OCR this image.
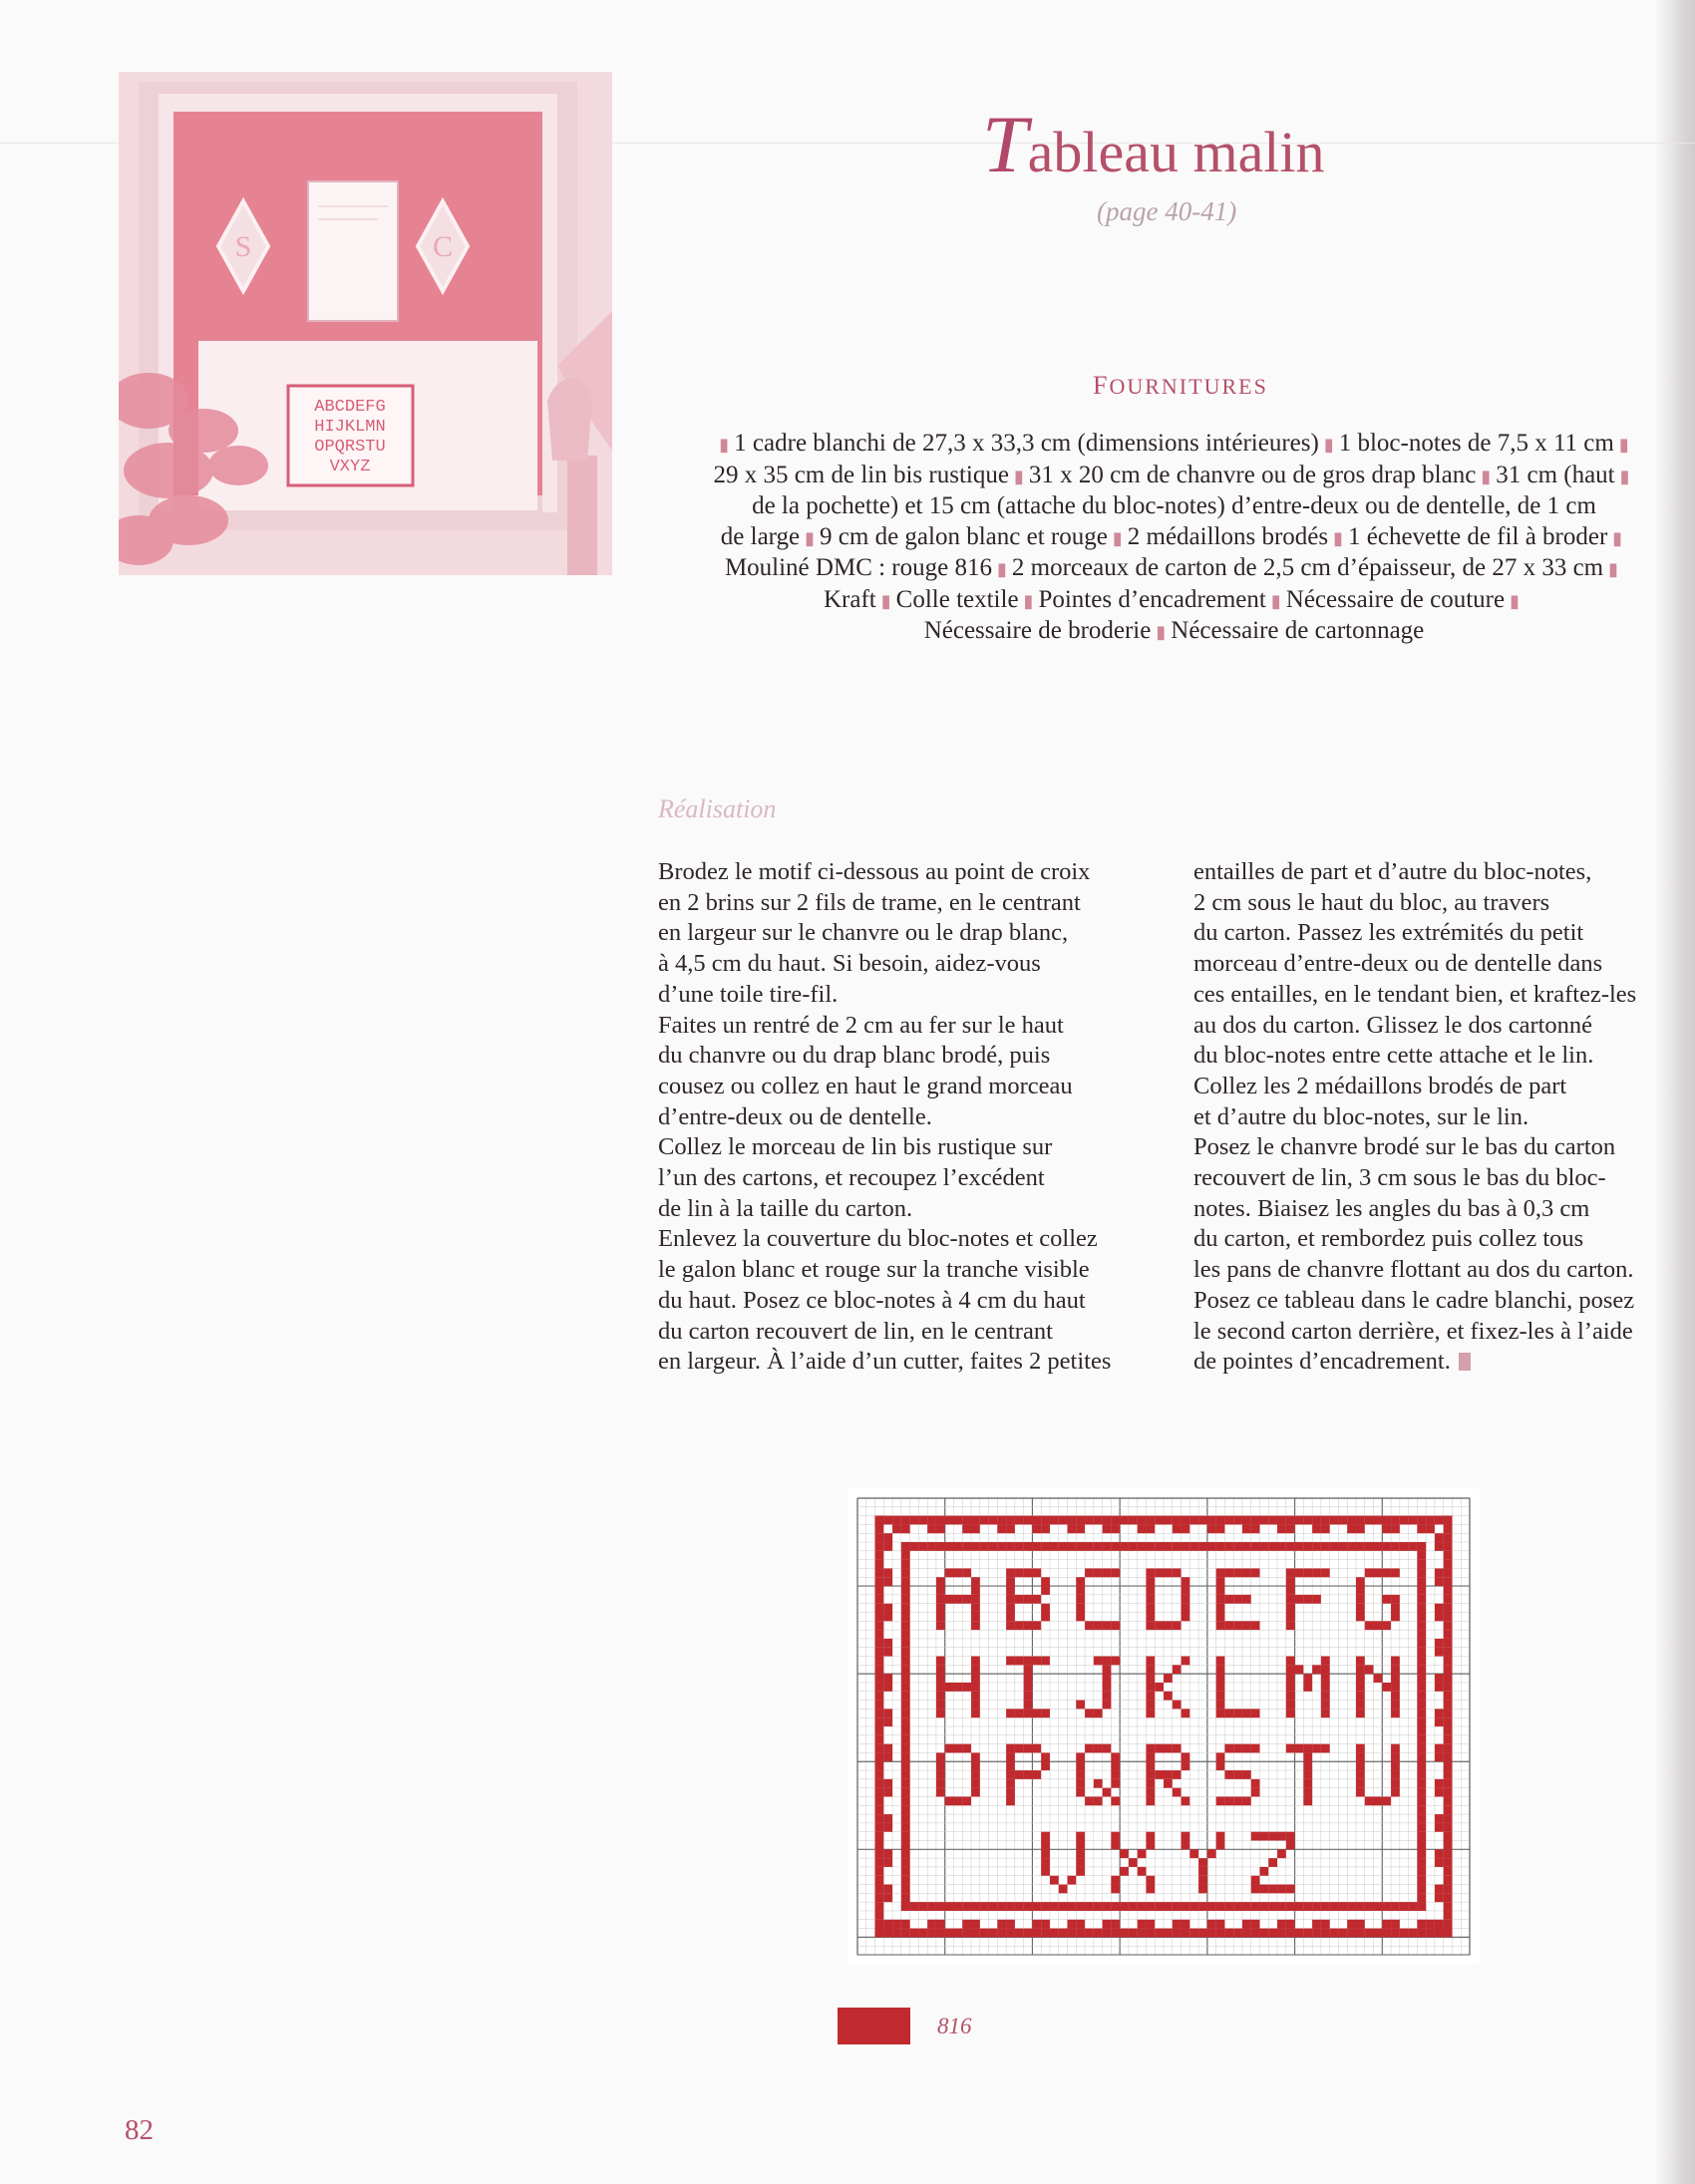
S	C
ABCDEFG
HIJKLMN
OPQRSTU
VXYZ
Tableau malin
(page 40-41)
FOURNITURES
▮ 1 cadre blanchi de 27,3 x 33,3 cm (dimensions intérieures) ▮ 1 bloc-notes de 7,5 x 11 cm ▮
29 x 35 cm de lin bis rustique ▮ 31 x 20 cm de chanvre ou de gros drap blanc ▮ 31 cm (haut ▮
de la pochette) et 15 cm (attache du bloc-notes) d’entre-deux ou de dentelle, de 1 cm
de large ▮ 9 cm de galon blanc et rouge ▮ 2 médaillons brodés ▮ 1 échevette de fil à broder ▮
Mouliné DMC : rouge 816 ▮ 2 morceaux de carton de 2,5 cm d’épaisseur, de 27 x 33 cm ▮
Kraft ▮ Colle textile ▮ Pointes d’encadrement ▮ Nécessaire de couture ▮
Nécessaire de broderie ▮ Nécessaire de cartonnage
Réalisation
Brodez le motif ci-dessous au point de croix
en 2 brins sur 2 fils de trame, en le centrant
en largeur sur le chanvre ou le drap blanc,
à 4,5 cm du haut. Si besoin, aidez-vous
d’une toile tire-fil.
Faites un rentré de 2 cm au fer sur le haut
du chanvre ou du drap blanc brodé, puis
cousez ou collez en haut le grand morceau
d’entre-deux ou de dentelle.
Collez le morceau de lin bis rustique sur
l’un des cartons, et recoupez l’excédent
de lin à la taille du carton.
Enlevez la couverture du bloc-notes et collez
le galon blanc et rouge sur la tranche visible
du haut. Posez ce bloc-notes à 4 cm du haut
du carton recouvert de lin, en le centrant
en largeur. À l’aide d’un cutter, faites 2 petites
entailles de part et d’autre du bloc-notes,
2 cm sous le haut du bloc, au travers
du carton. Passez les extrémités du petit
morceau d’entre-deux ou de dentelle dans
ces entailles, en le tendant bien, et kraftez-les
au dos du carton. Glissez le dos cartonné
du bloc-notes entre cette attache et le lin.
Collez les 2 médaillons brodés de part
et d’autre du bloc-notes, sur le lin.
Posez le chanvre brodé sur le bas du carton
recouvert de lin, 3 cm sous le bas du bloc-
notes. Biaisez les angles du bas à 0,3 cm
du carton, et rembordez puis collez tous
les pans de chanvre flottant au dos du carton.
Posez ce tableau dans le cadre blanchi, posez
le second carton derrière, et fixez-les à l’aide
de pointes d’encadrement.
816
82
